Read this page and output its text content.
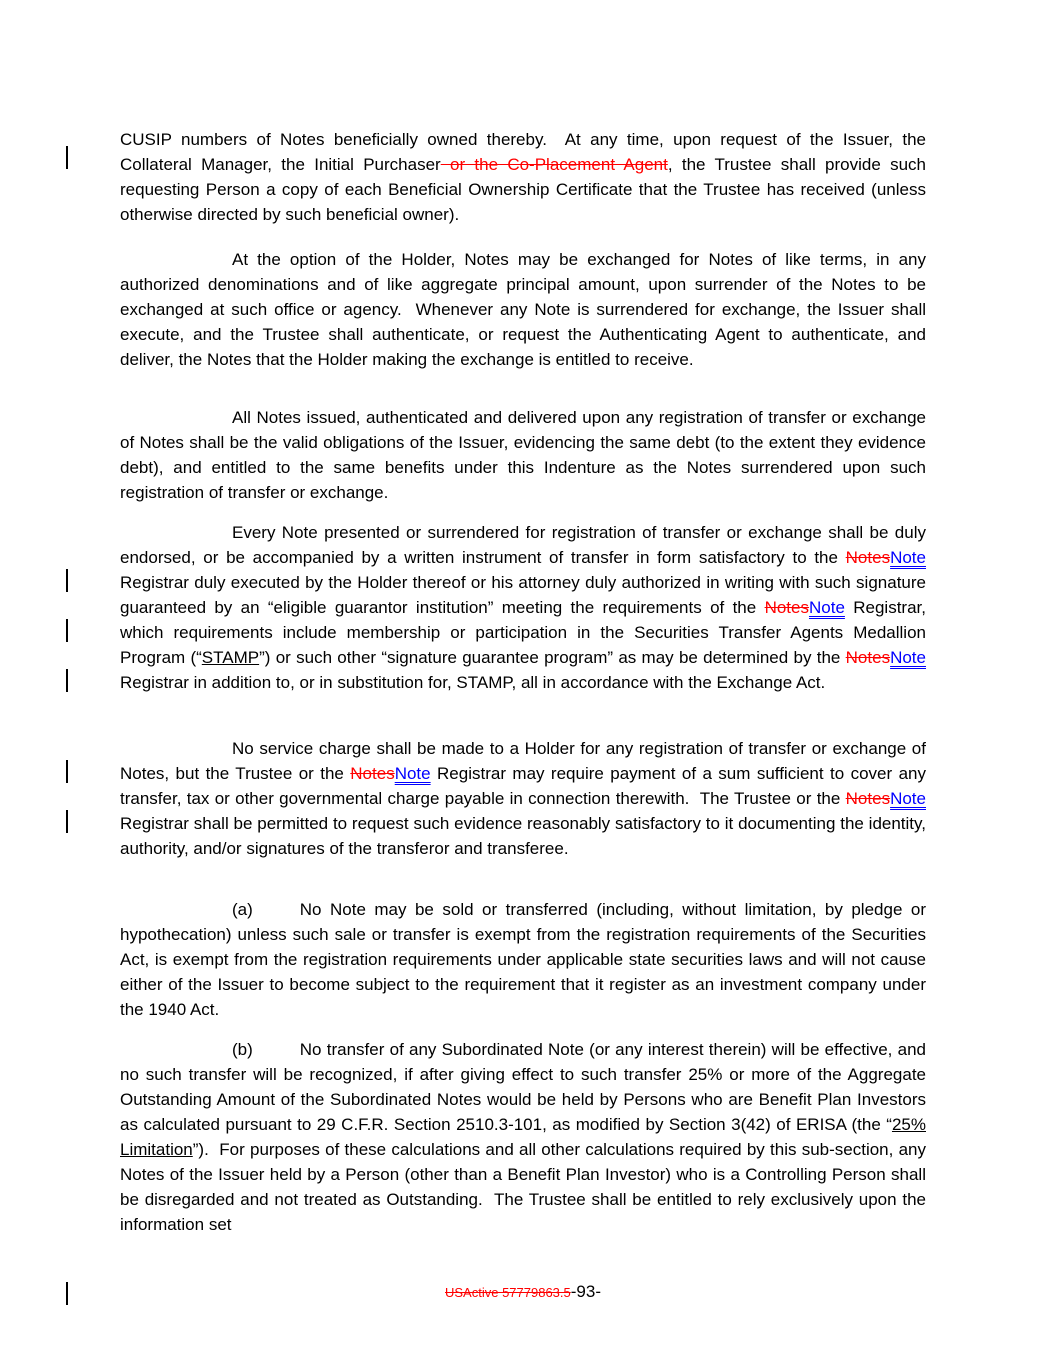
CUSIP numbers of Notes beneficially owned thereby.  At any time, upon request of the Issuer, the Collateral Manager, the Initial Purchaser or the Co-Placement Agent, the Trustee shall provide such requesting Person a copy of each Beneficial Ownership Certificate that the Trustee has received (unless otherwise directed by such beneficial owner).
At the option of the Holder, Notes may be exchanged for Notes of like terms, in any authorized denominations and of like aggregate principal amount, upon surrender of the Notes to be exchanged at such office or agency.  Whenever any Note is surrendered for exchange, the Issuer shall execute, and the Trustee shall authenticate, or request the Authenticating Agent to authenticate, and deliver, the Notes that the Holder making the exchange is entitled to receive.
All Notes issued, authenticated and delivered upon any registration of transfer or exchange of Notes shall be the valid obligations of the Issuer, evidencing the same debt (to the extent they evidence debt), and entitled to the same benefits under this Indenture as the Notes surrendered upon such registration of transfer or exchange.
Every Note presented or surrendered for registration of transfer or exchange shall be duly endorsed, or be accompanied by a written instrument of transfer in form satisfactory to the NotesNote Registrar duly executed by the Holder thereof or his attorney duly authorized in writing with such signature guaranteed by an “eligible guarantor institution” meeting the requirements of the NotesNote Registrar, which requirements include membership or participation in the Securities Transfer Agents Medallion Program (“STAMP”) or such other “signature guarantee program” as may be determined by the NotesNote Registrar in addition to, or in substitution for, STAMP, all in accordance with the Exchange Act.
No service charge shall be made to a Holder for any registration of transfer or exchange of Notes, but the Trustee or the NotesNote Registrar may require payment of a sum sufficient to cover any transfer, tax or other governmental charge payable in connection therewith.  The Trustee or the NotesNote Registrar shall be permitted to request such evidence reasonably satisfactory to it documenting the identity, authority, and/or signatures of the transferor and transferee.
(a)	No Note may be sold or transferred (including, without limitation, by pledge or hypothecation) unless such sale or transfer is exempt from the registration requirements of the Securities Act, is exempt from the registration requirements under applicable state securities laws and will not cause either of the Issuer to become subject to the requirement that it register as an investment company under the 1940 Act.
(b)	No transfer of any Subordinated Note (or any interest therein) will be effective, and no such transfer will be recognized, if after giving effect to such transfer 25% or more of the Aggregate Outstanding Amount of the Subordinated Notes would be held by Persons who are Benefit Plan Investors as calculated pursuant to 29 C.F.R. Section 2510.3-101, as modified by Section 3(42) of ERISA (the “25% Limitation”).  For purposes of these calculations and all other calculations required by this sub-section, any Notes of the Issuer held by a Person (other than a Benefit Plan Investor) who is a Controlling Person shall be disregarded and not treated as Outstanding.  The Trustee shall be entitled to rely exclusively upon the information set
USActive 57779863.5-93-
